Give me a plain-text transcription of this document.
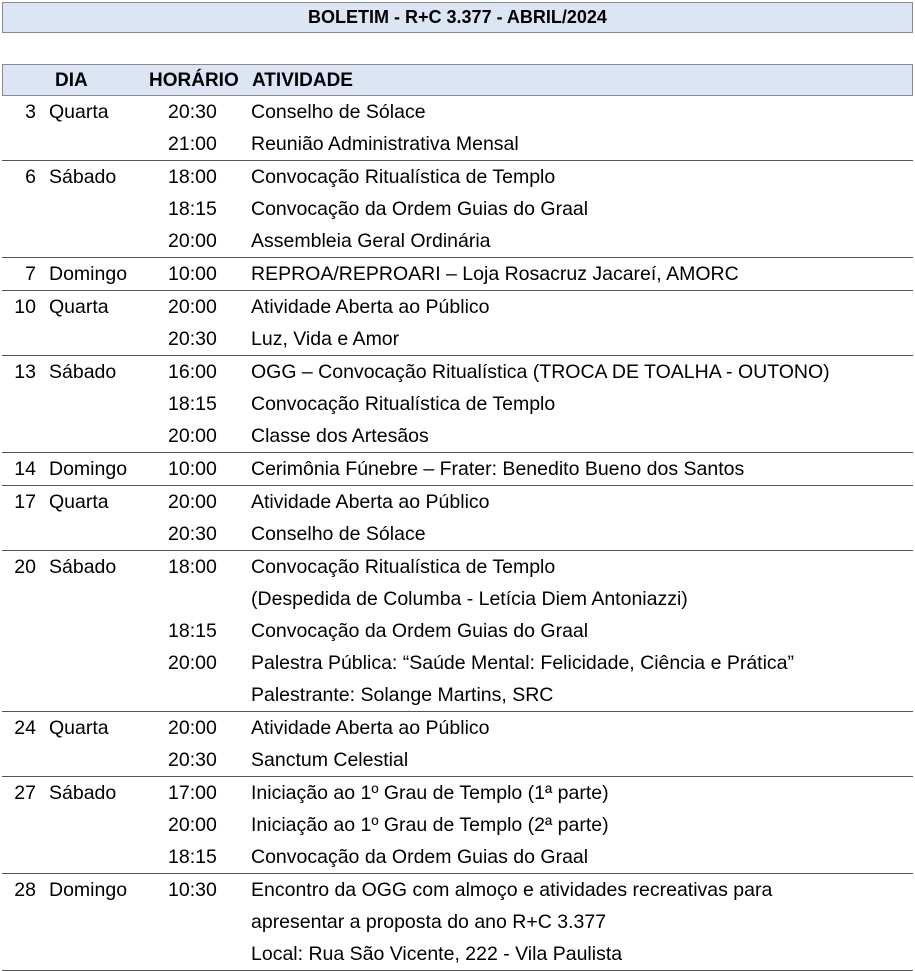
BOLETIM - R+C 3.377 - ABRIL/2024
DIA	HORÁRIO ATIVIDADE
3 Quarta	20:30 Conselho de Sólace
21:00 Reunião Administrativa Mensal
6 Sábado	18:00 Convocação Ritualística de Templo
18:15 Convocação da Ordem Guias do Graal
20:00 Assembleia Geral Ordinária
7 Domingo 10:00 REPROA/REPROARI – Loja Rosacruz Jacareí, AMORC
10 Quarta	20:00 Atividade Aberta ao Público
20:30 Luz, Vida e Amor
13 Sábado	16:00 OGG – Convocação Ritualística (TROCA DE TOALHA - OUTONO)
18:15 Convocação Ritualística de Templo
20:00 Classe dos Artesãos
14 Domingo 10:00 Cerimônia Fúnebre – Frater: Benedito Bueno dos Santos
17 Quarta	20:00 Atividade Aberta ao Público
20:30 Conselho de Sólace
20 Sábado	18:00 Convocação Ritualística de Templo
(Despedida de Columba - Letícia Diem Antoniazzi)
18:15 Convocação da Ordem Guias do Graal
20:00 Palestra Pública: “Saúde Mental: Felicidade, Ciência e Prática”
Palestrante: Solange Martins, SRC
24 Quarta	20:00 Atividade Aberta ao Público
20:30 Sanctum Celestial
27 Sábado	17:00 Iniciação ao 1º Grau de Templo (1ª parte)
20:00 Iniciação ao 1º Grau de Templo (2ª parte)
18:15 Convocação da Ordem Guias do Graal
28 Domingo 10:30 Encontro da OGG com almoço e atividades recreativas para
apresentar a proposta do ano R+C 3.377
Local: Rua São Vicente, 222 - Vila Paulista
